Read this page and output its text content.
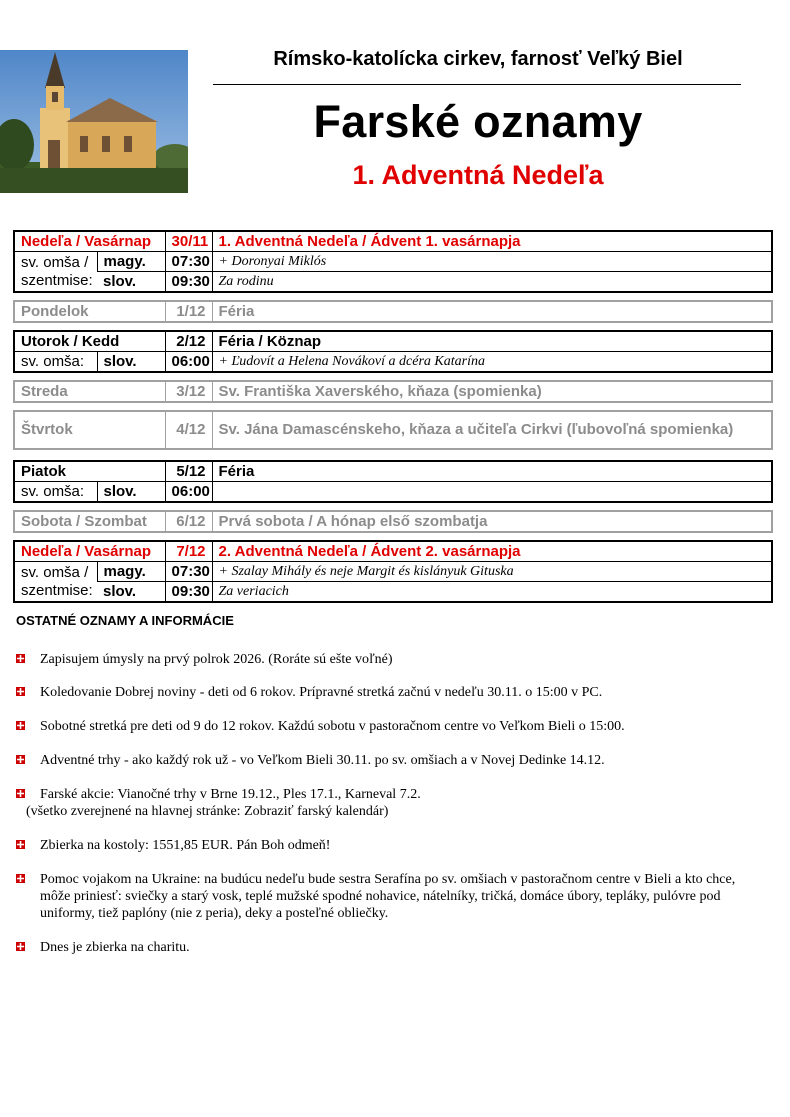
Rímsko-katolícka cirkev, farnosť Veľký Biel
Farské oznamy
1. Adventná Nedeľa
Nedeľa / Vasárnap		30/11	1. Adventná Nedeľa / Ádvent 1. vasárnapja
sv. omša /
szentmise:	magy.	07:30	+ Doronyai Miklós
	slov.	09:30	Za rodinu
Pondelok	1/12	Féria
Utorok / Kedd		2/12	Féria / Köznap
sv. omša:	slov.	06:00	+ Ľudovít a Helena Novákoví a dcéra Katarína
Streda	3/12	Sv. Františka Xaverského, kňaza (spomienka)
Štvrtok	4/12	Sv. Jána Damascénskeho, kňaza a učiteľa Cirkvi (ľubovoľná spomienka)
Piatok		5/12	Féria
sv. omša:	slov.	06:00	
Sobota / Szombat	6/12	Prvá sobota / A hónap első szombatja
Nedeľa / Vasárnap		7/12	2. Adventná Nedeľa / Ádvent 2. vasárnapja
sv. omša /
szentmise:	magy.	07:30	+ Szalay Mihály és neje Margit és kislányuk Gituska
	slov.	09:30	Za veriacich
OSTATNÉ OZNAMY A INFORMÁCIE
Zapisujem úmysly na prvý polrok 2026. (Roráte sú ešte voľné)
Koledovanie Dobrej noviny - deti od 6 rokov. Prípravné stretká začnú v nedeľu 30.11. o 15:00 v PC.
Sobotné stretká pre deti od 9 do 12 rokov. Každú sobotu v pastoračnom centre vo Veľkom Bieli o 15:00.
Adventné trhy - ako každý rok už - vo Veľkom Bieli 30.11. po sv. omšiach a v Novej Dedinke 14.12.
Farské akcie: Vianočné trhy v Brne 19.12., Ples 17.1., Karneval 7.2.
(všetko zverejnené na hlavnej stránke: Zobraziť farský kalendár)
Zbierka na kostoly: 1551,85 EUR. Pán Boh odmeň!
Pomoc vojakom na Ukraine: na budúcu nedeľu bude sestra Serafína po sv. omšiach v pastoračnom centre v Bieli a kto chce, môže priniesť: sviečky a starý vosk, teplé mužské spodné nohavice, nátelníky, tričká, domáce úbory, tepláky, pulóvre pod uniformy, tiež paplóny (nie z peria), deky a posteľné obliečky.
Dnes je zbierka na charitu.
